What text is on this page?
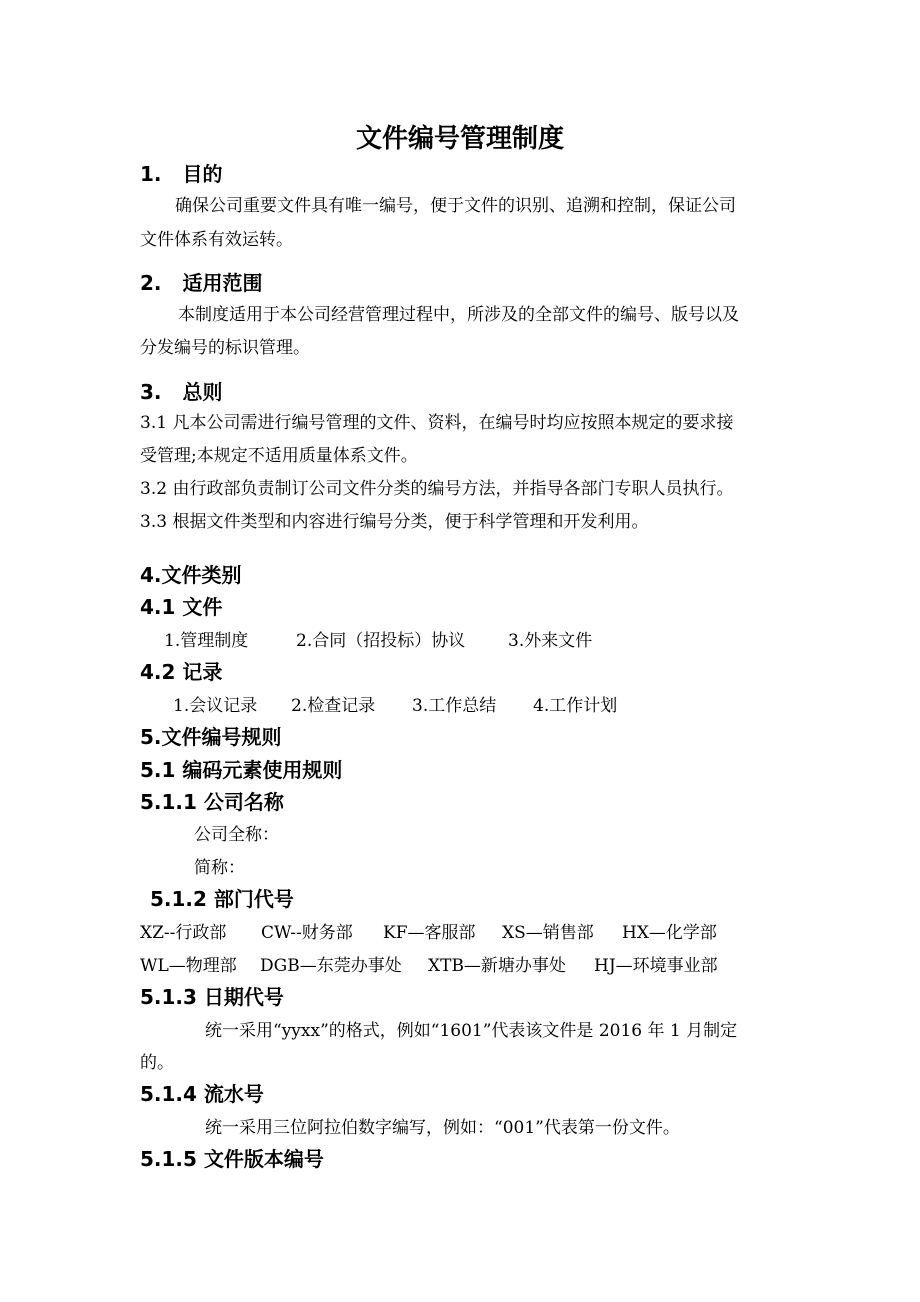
文件编号管理制度
1. 目的
确保公司重要文件具有唯一编号，便于文件的识别、追溯和控制，保证公司
文件体系有效运转。
2. 适用范围
本制度适用于本公司经营管理过程中，所涉及的全部文件的编号、版号以及
分发编号的标识管理。
3. 总则
3.1 凡本公司需进行编号管理的文件、资料，在编号时均应按照本规定的要求接
受管理;本规定不适用质量体系文件。
3.2 由行政部负责制订公司文件分类的编号方法，并指导各部门专职人员执行。
3.3 根据文件类型和内容进行编号分类，便于科学管理和开发利用。
4.文件类别
4.1 文件
1.管理制度	2.合同（招投标）协议	3.外来文件
4.2 记录
1.会议记录 2.检查记录 3.工作总结 4.工作计划
5.文件编号规则
5.1 编码元素使用规则
5.1.1 公司名称
公司全称：
简称：
5.1.2 部门代号
XZ--行政部 CW--财务部 KF—客服部 XS—销售部 HX—化学部
WL—物理部 DGB—东莞办事处 XTB—新塘办事处 HJ—环境事业部
5.1.3 日期代号
统一采用“yyxx”的格式，例如“1601”代表该文件是 2016 年 1 月制定
的。
5.1.4 流水号
统一采用三位阿拉伯数字编写，例如：“001”代表第一份文件。
5.1.5 文件版本编号
